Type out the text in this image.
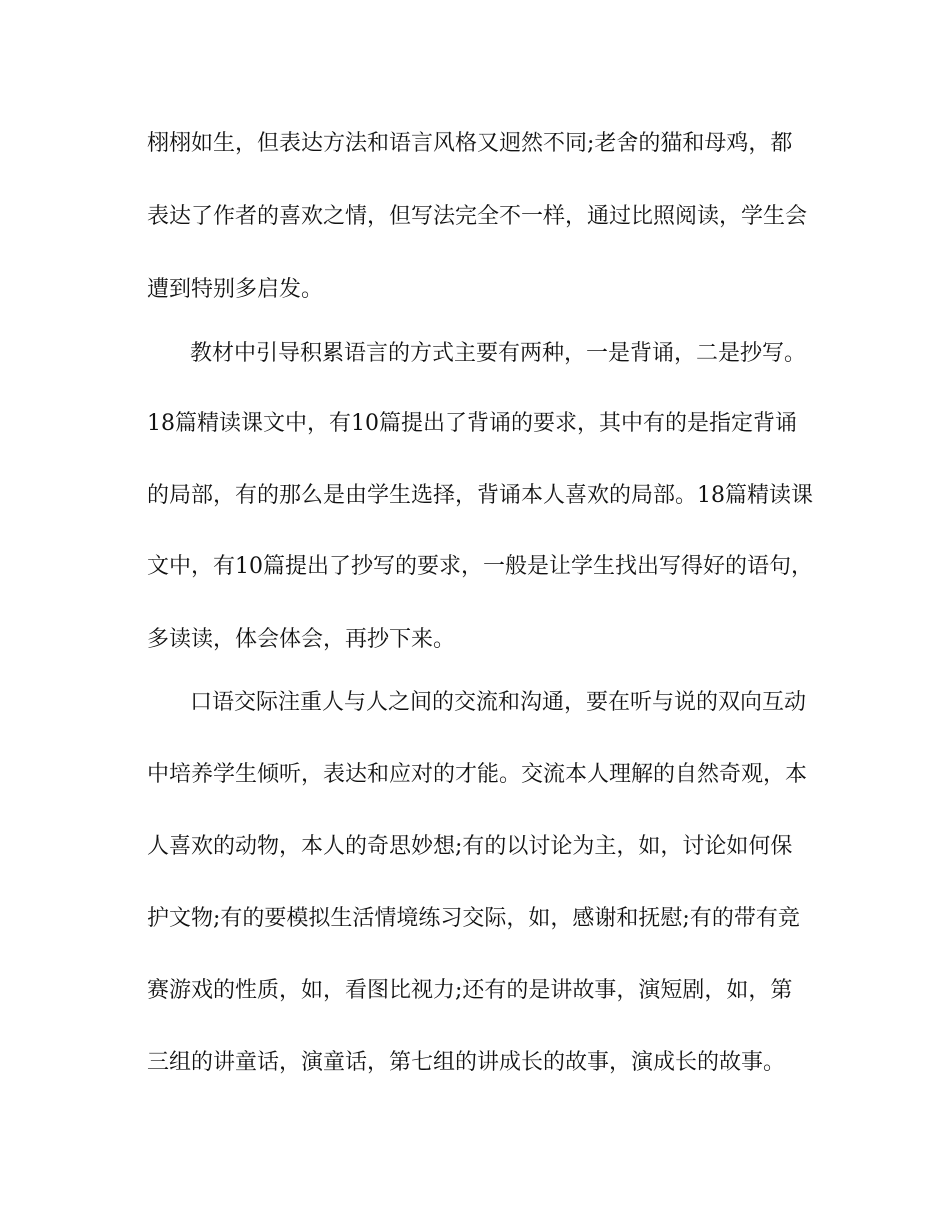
栩栩如生，但表达方法和语言风格又迥然不同;老舍的猫和母鸡，都

表达了作者的喜欢之情，但写法完全不一样，通过比照阅读，学生会

遭到特别多启发。

教材中引导积累语言的方式主要有两种，一是背诵，二是抄写。

18篇精读课文中，有10篇提出了背诵的要求，其中有的是指定背诵

的局部，有的那么是由学生选择，背诵本人喜欢的局部。18篇精读课

文中，有10篇提出了抄写的要求，一般是让学生找出写得好的语句，

多读读，体会体会，再抄下来。

口语交际注重人与人之间的交流和沟通，要在听与说的双向互动

中培养学生倾听，表达和应对的才能。交流本人理解的自然奇观，本

人喜欢的动物，本人的奇思妙想;有的以讨论为主，如，讨论如何保

护文物;有的要模拟生活情境练习交际，如，感谢和抚慰;有的带有竞

赛游戏的性质，如，看图比视力;还有的是讲故事，演短剧，如，第

三组的讲童话，演童话，第七组的讲成长的故事，演成长的故事。
